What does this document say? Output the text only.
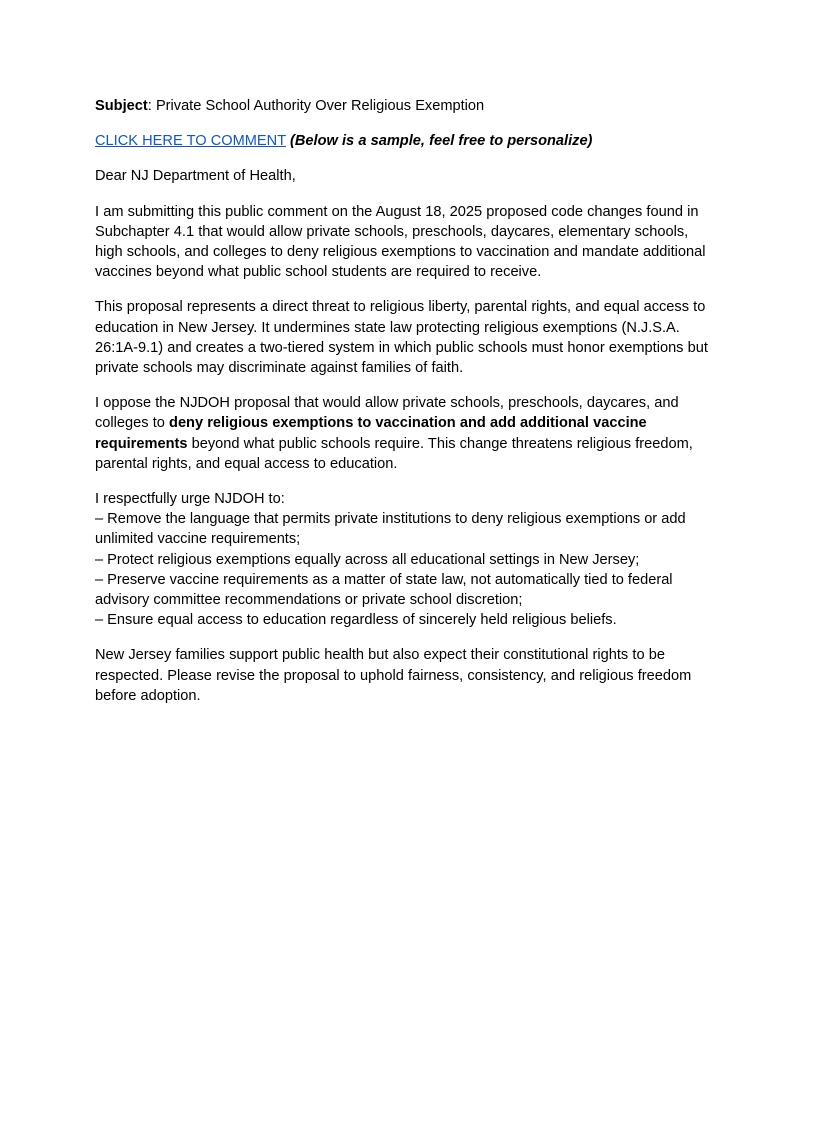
Subject: Private School Authority Over Religious Exemption

CLICK HERE TO COMMENT (Below is a sample, feel free to personalize)

Dear NJ Department of Health,

I am submitting this public comment on the August 18, 2025 proposed code changes found in Subchapter 4.1 that would allow private schools, preschools, daycares, elementary schools, high schools, and colleges to deny religious exemptions to vaccination and mandate additional vaccines beyond what public school students are required to receive.

This proposal represents a direct threat to religious liberty, parental rights, and equal access to education in New Jersey. It undermines state law protecting religious exemptions (N.J.S.A. 26:1A-9.1) and creates a two-tiered system in which public schools must honor exemptions but private schools may discriminate against families of faith.

I oppose the NJDOH proposal that would allow private schools, preschools, daycares, and colleges to deny religious exemptions to vaccination and add additional vaccine requirements beyond what public schools require. This change threatens religious freedom, parental rights, and equal access to education.

I respectfully urge NJDOH to:
– Remove the language that permits private institutions to deny religious exemptions or add unlimited vaccine requirements;
– Protect religious exemptions equally across all educational settings in New Jersey;
– Preserve vaccine requirements as a matter of state law, not automatically tied to federal advisory committee recommendations or private school discretion;
– Ensure equal access to education regardless of sincerely held religious beliefs.

New Jersey families support public health but also expect their constitutional rights to be respected. Please revise the proposal to uphold fairness, consistency, and religious freedom before adoption.
